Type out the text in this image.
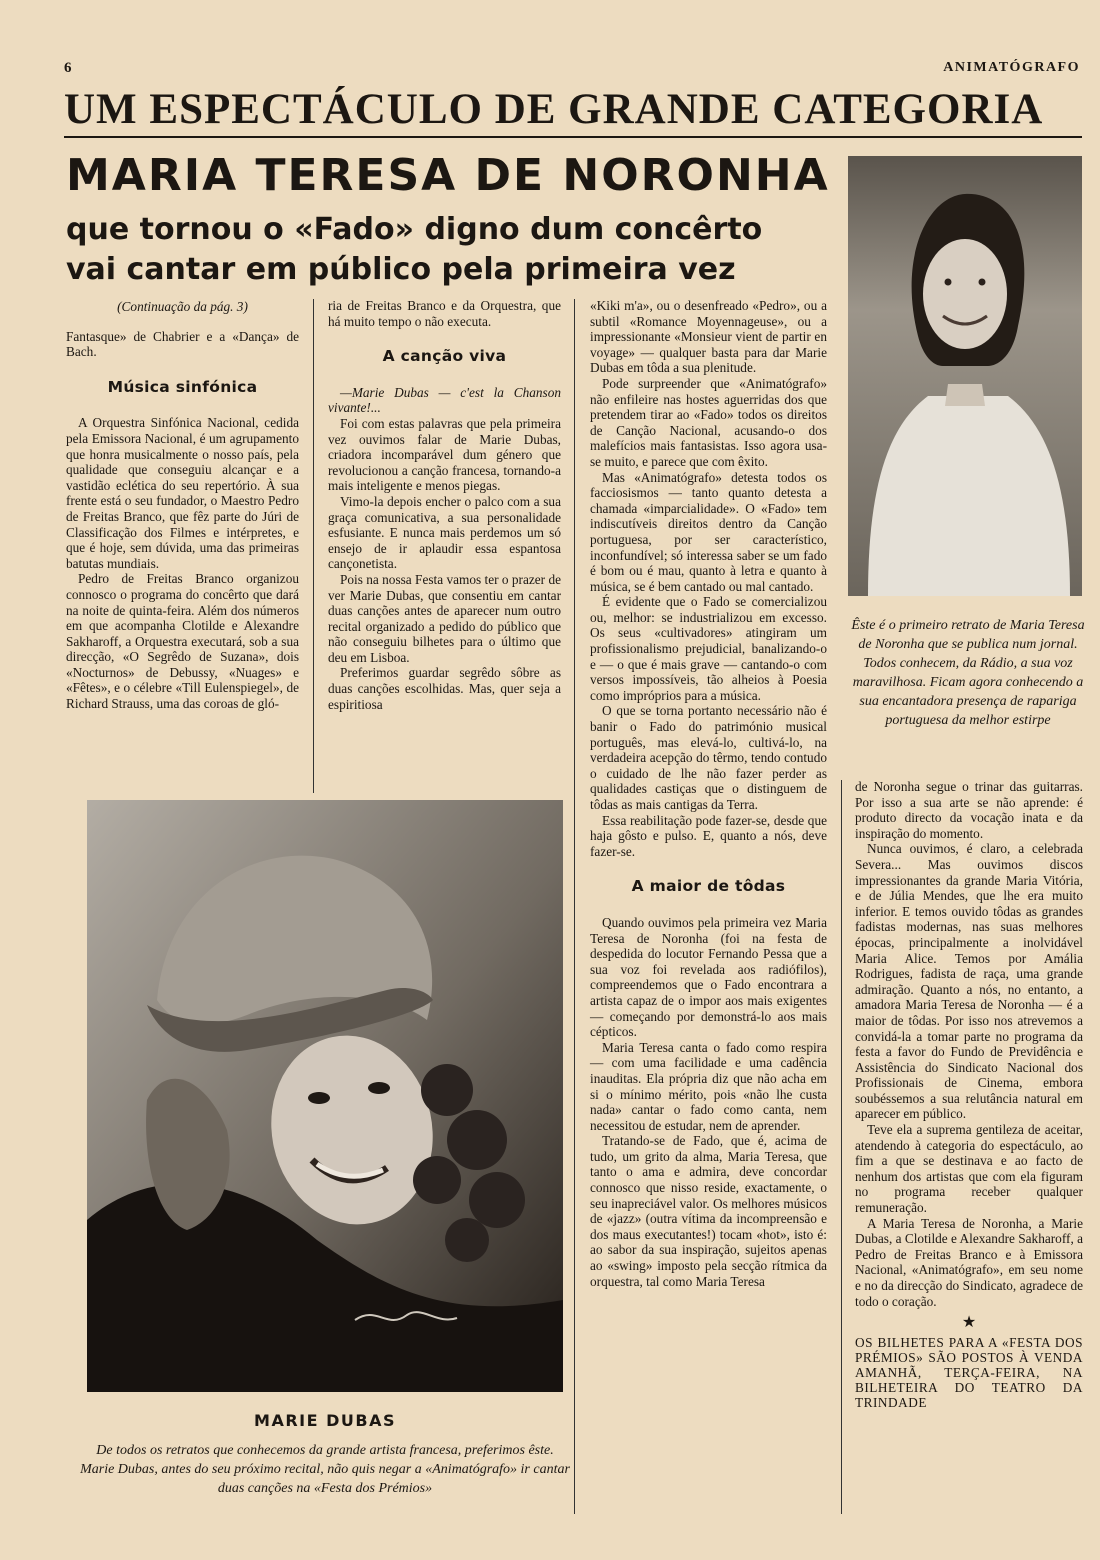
6	ANIMATÓGRAFO
UM ESPECTÁCULO DE GRANDE CATEGORIA
MARIA TERESA DE NORONHA
que tornou o «Fado» digno dum concêrto
vai cantar em público pela primeira vez

(Continuação da pág. 3)

Fantasque» de Chabrier e a «Dança» de Bach.

Música sinfónica

A Orquestra Sinfónica Nacional, cedida pela Emissora Nacional, é um agrupamento que honra musicalmente o nosso país, pela qualidade que conseguiu alcançar e a vastidão eclética do seu repertório. À sua frente está o seu fundador, o Maestro Pedro de Freitas Branco, que fêz parte do Júri de Classificação dos Filmes e intérpretes, e que é hoje, sem dúvida, uma das primeiras batutas mundiais.

Pedro de Freitas Branco organizou connosco o programa do concêrto que dará na noite de quinta-feira. Além dos números em que acompanha Clotilde e Alexandre Sakharoff, a Orquestra executará, sob a sua direcção, «O Segrêdo de Suzana», dois «Nocturnos» de Debussy, «Nuages» e «Fêtes», e o célebre «Till Eulenspiegel», de Richard Strauss, uma das coroas de gló-

ria de Freitas Branco e da Orquestra, que há muito tempo o não executa.

A canção viva

—Marie Dubas — c'est la Chanson vivante!...

Foi com estas palavras que pela primeira vez ouvimos falar de Marie Dubas, criadora incomparável dum género que revolucionou a canção francesa, tornando-a mais inteligente e menos piegas.

Vimo-la depois encher o palco com a sua graça comunicativa, a sua personalidade esfusiante. E nunca mais perdemos um só ensejo de ir aplaudir essa espantosa cançonetista.

Pois na nossa Festa vamos ter o prazer de ver Marie Dubas, que consentiu em cantar duas canções antes de aparecer num outro recital organizado a pedido do público que não conseguiu bilhetes para o último que deu em Lisboa.

Preferimos guardar segrêdo sôbre as duas canções escolhidas. Mas, quer seja a espiritiosa

«Kiki m'a», ou o desenfreado «Pedro», ou a subtil «Romance Moyennageuse», ou a impressionante «Monsieur vient de partir en voyage» — qualquer basta para dar Marie Dubas em tôda a sua plenitude.

Pode surpreender que «Animatógrafo» não enfileire nas hostes aguerridas dos que pretendem tirar ao «Fado» todos os direitos de Canção Nacional, acusando-o dos malefícios mais fantasistas. Isso agora usa-se muito, e parece que com êxito.

Mas «Animatógrafo» detesta todos os facciosismos — tanto quanto detesta a chamada «imparcialidade». O «Fado» tem indiscutíveis direitos dentro da Canção portuguesa, por ser característico, inconfundível; só interessa saber se um fado é bom ou é mau, quanto à letra e quanto à música, se é bem cantado ou mal cantado.

É evidente que o Fado se comercializou ou, melhor: se industrializou em excesso. Os seus «cultivadores» atingiram um profissionalismo prejudicial, banalizando-o e — o que é mais grave — cantando-o com versos impossíveis, tão alheios à Poesia como impróprios para a música.

O que se torna portanto necessário não é banir o Fado do património musical português, mas elevá-lo, cultivá-lo, na verdadeira acepção do têrmo, tendo contudo o cuidado de lhe não fazer perder as qualidades castiças que o distinguem de tôdas as mais cantigas da Terra.

Essa reabilitação pode fazer-se, desde que haja gôsto e pulso. E, quanto a nós, deve fazer-se.

A maior de tôdas

Quando ouvimos pela primeira vez Maria Teresa de Noronha (foi na festa de despedida do locutor Fernando Pessa que a sua voz foi revelada aos radiófilos), compreendemos que o Fado encontrara a artista capaz de o impor aos mais exigentes — começando por demonstrá-lo aos mais cépticos.

Maria Teresa canta o fado como respira — com uma facilidade e uma cadência inauditas. Ela própria diz que não acha em si o mínimo mérito, pois «não lhe custa nada» cantar o fado como canta, nem necessitou de estudar, nem de aprender.

Tratando-se de Fado, que é, acima de tudo, um grito da alma, Maria Teresa, que tanto o ama e admira, deve concordar connosco que nisso reside, exactamente, o seu inapreciável valor. Os melhores músicos de «jazz» (outra vítima da incompreensão e dos maus executantes!) tocam «hot», isto é: ao sabor da sua inspiração, sujeitos apenas ao «swing» imposto pela secção rítmica da orquestra, tal como Maria Teresa

de Noronha segue o trinar das guitarras. Por isso a sua arte se não aprende: é produto directo da vocação inata e da inspiração do momento.

Nunca ouvimos, é claro, a celebrada Severa... Mas ouvimos discos impressionantes da grande Maria Vitória, e de Júlia Mendes, que lhe era muito inferior. E temos ouvido tôdas as grandes fadistas modernas, nas suas melhores épocas, principalmente a inolvidável Maria Alice. Temos por Amália Rodrigues, fadista de raça, uma grande admiração. Quanto a nós, no entanto, a amadora Maria Teresa de Noronha — é a maior de tôdas. Por isso nos atrevemos a convidá-la a tomar parte no programa da festa a favor do Fundo de Previdência e Assistência do Sindicato Nacional dos Profissionais de Cinema, embora soubéssemos a sua relutância natural em aparecer em público.

Teve ela a suprema gentileza de aceitar, atendendo à categoria do espectáculo, ao fim a que se destinava e ao facto de nenhum dos artistas que com ela figuram no programa receber qualquer remuneração.

A Maria Teresa de Noronha, a Marie Dubas, a Clotilde e Alexandre Sakharoff, a Pedro de Freitas Branco e à Emissora Nacional, «Animatógrafo», em seu nome e no da direcção do Sindicato, agradece de todo o coração.

★

OS BILHETES PARA A «FESTA DOS PRÉMIOS» SÃO POSTOS À VENDA AMANHÃ, TERÇA-FEIRA, NA BILHETEIRA DO TEATRO DA TRINDADE

Êste é o primeiro retrato de Maria Teresa de Noronha que se publica num jornal. Todos conhecem, da Rádio, a sua voz maravilhosa. Ficam agora conhecendo a sua encantadora presença de rapariga portuguesa da melhor estirpe
MARIE DUBAS
De todos os retratos que conhecemos da grande artista francesa, preferimos êste. Marie Dubas, antes do seu próximo recital, não quis negar a «Animatógrafo» ir cantar duas canções na «Festa dos Prémios»
